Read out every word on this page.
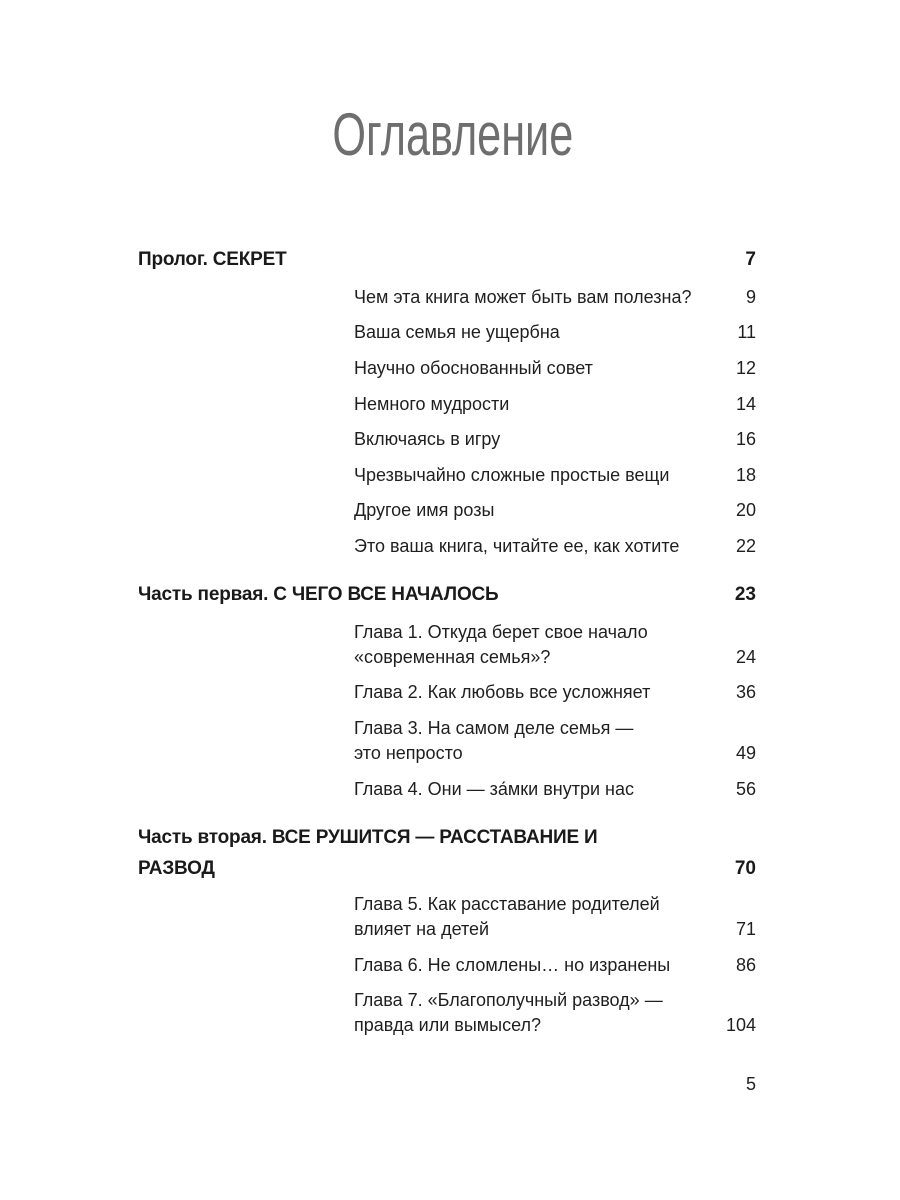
Оглавление
Пролог. СЕКРЕТ	7
Чем эта книга может быть вам полезна?	9
Ваша семья не ущербна	11
Научно обоснованный совет	12
Немного мудрости	14
Включаясь в игру	16
Чрезвычайно сложные простые вещи	18
Другое имя розы	20
Это ваша книга, читайте ее, как хотите	22
Часть первая. С ЧЕГО ВСЕ НАЧАЛОСЬ	23
Глава 1. Откуда берет свое начало «современная семья»?	24
Глава 2. Как любовь все усложняет	36
Глава 3. На самом деле семья — это непросто	49
Глава 4. Они — за́мки внутри нас	56
Часть вторая. ВСЕ РУШИТСЯ — РАССТАВАНИЕ И РАЗВОД	70
Глава 5. Как расставание родителей влияет на детей	71
Глава 6. Не сломлены… но изранены	86
Глава 7. «Благополучный развод» — правда или вымысел?	104
5
